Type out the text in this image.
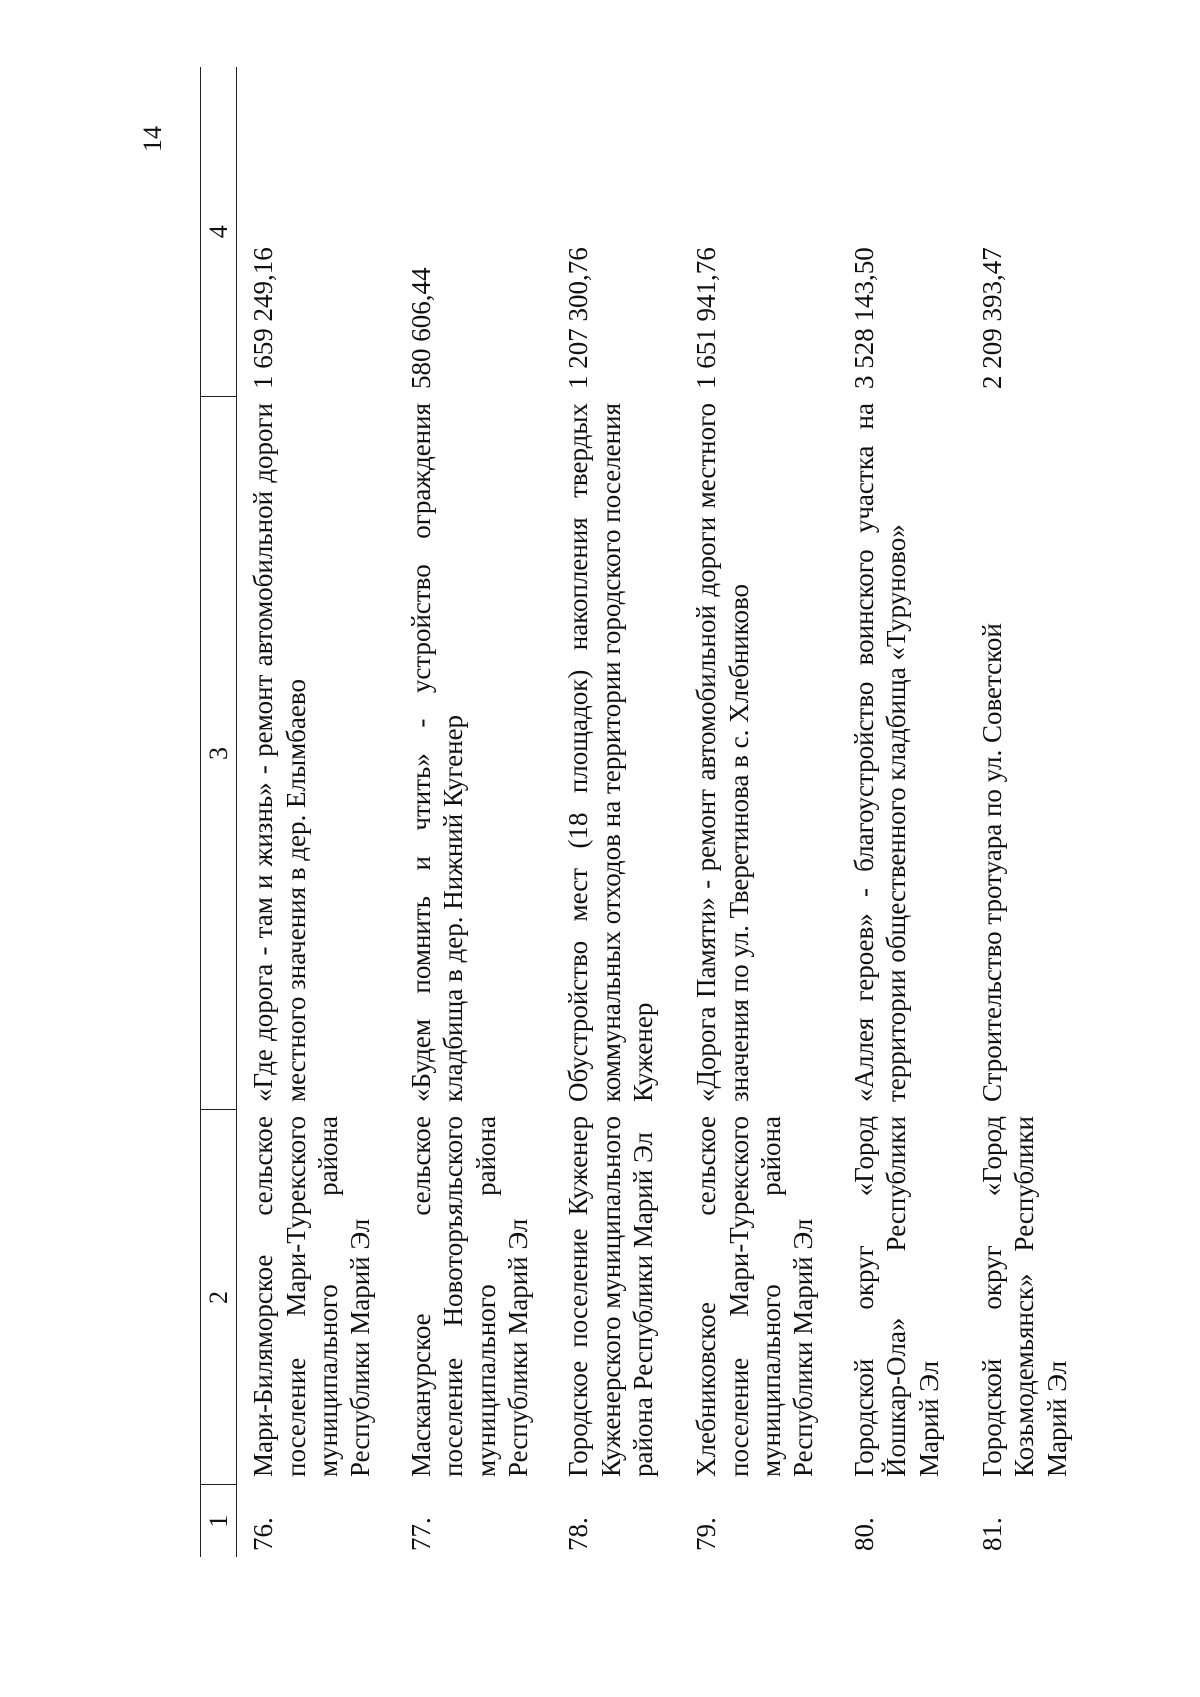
14
1	2	3	4
76.	Мари-Биляморское сельское поселение Мари-Турекского муниципального района Республики Марий Эл	«Где дорога - там и жизнь» - ремонт автомобильной дороги местного значения в дер. Елымбаево	1 659 249,16
77.	Маскануpское сельское поселение Новоторъяльского муниципального района Республики Марий Эл	«Будем помнить и чтить» - устройство ограждения кладбища в дер. Нижний Кугенер	580 606,44
78.	Городское поселение Куженер Куженерского муниципального района Республики Марий Эл	Обустройство мест (18 площадок) накопления твердых коммунальных отходов на территории городского поселения Куженер	1 207 300,76
79.	Хлебниковское сельское поселение Мари-Турекского муниципального района Республики Марий Эл	«Дорога Памяти» - ремонт автомобильной дороги местного значения по ул. Тверетинова в с. Хлебниково	1 651 941,76
80.	Городской округ «Город Йошкар-Ола» Республики Марий Эл	«Аллея героев» - благоустройство воинского участка на территории общественного кладбища «Туруново»	3 528 143,50
81.	Городской округ «Город Козьмодемьянск» Республики Марий Эл	Строительство тротуара по ул. Советской	2 209 393,47
